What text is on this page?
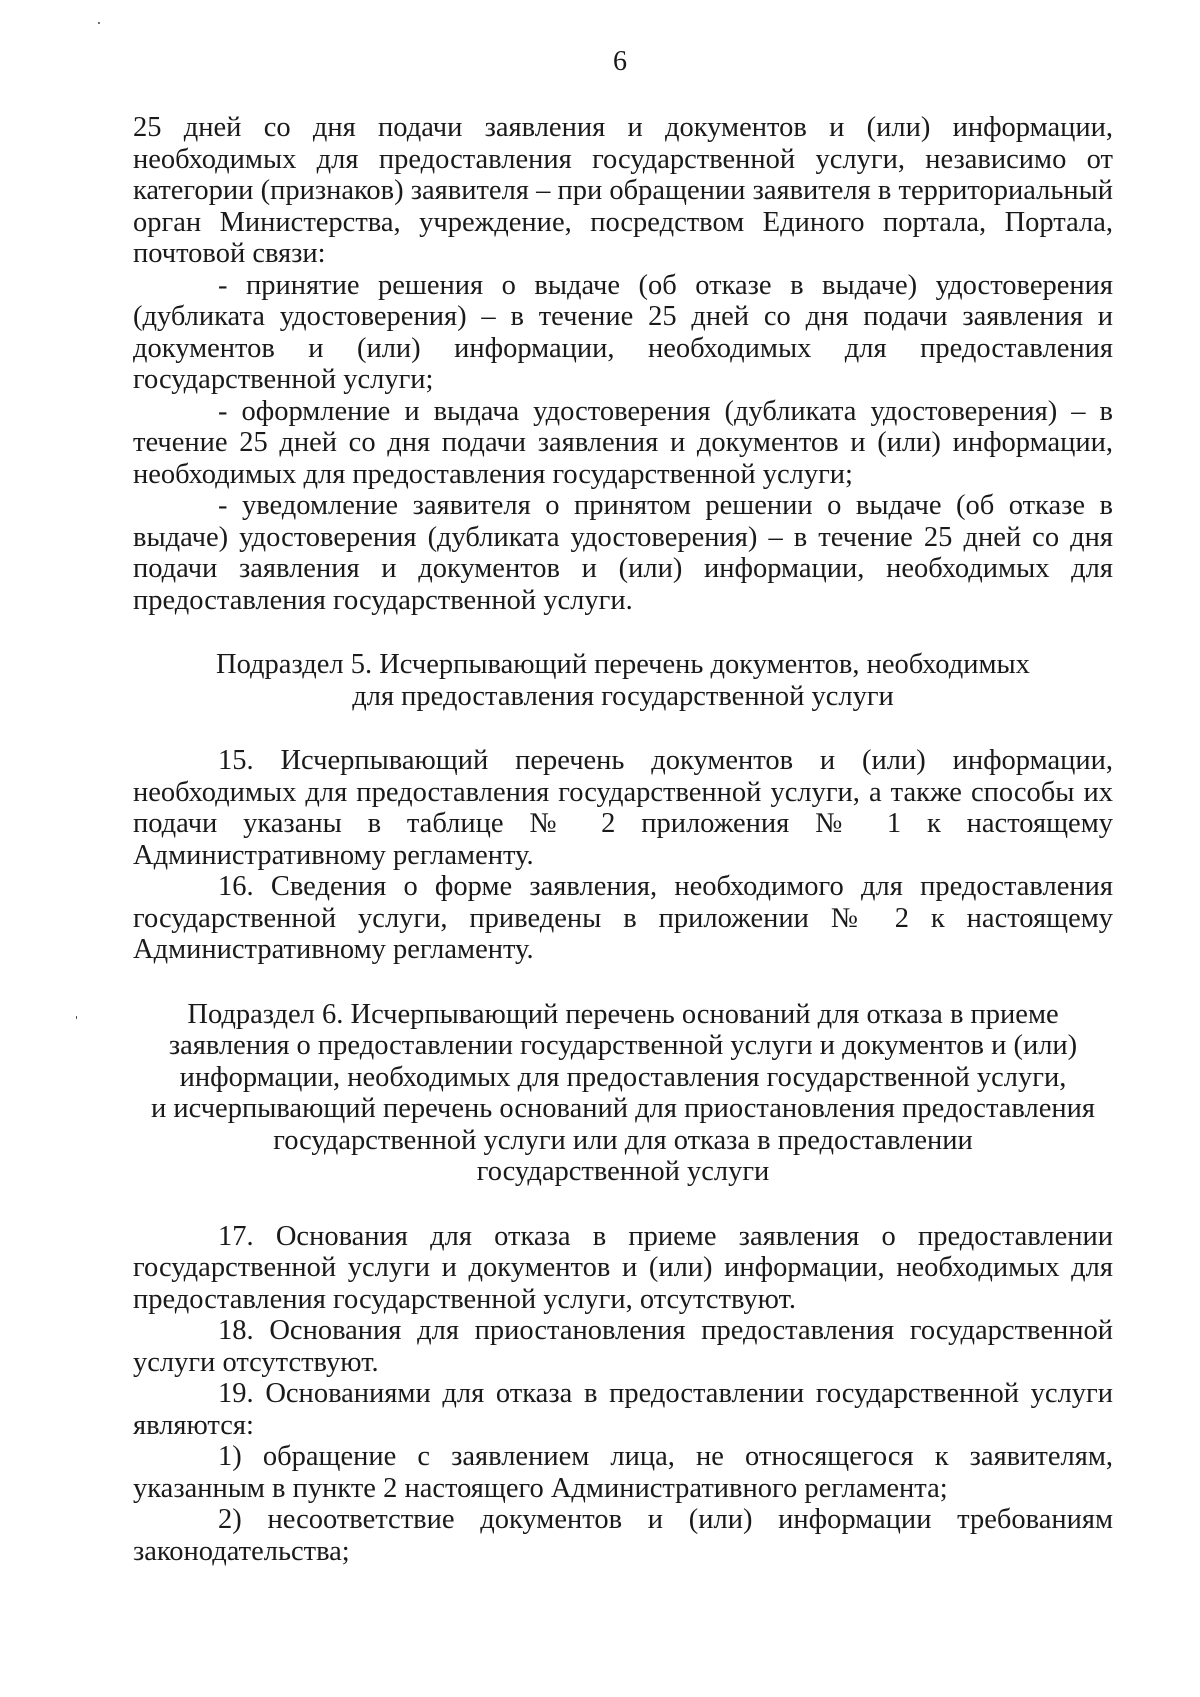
6

25 дней со дня подачи заявления и документов и (или) информации, необходимых для предоставления государственной услуги, независимо от категории (признаков) заявителя – при обращении заявителя в территориальный орган Министерства, учреждение, посредством Единого портала, Портала, почтовой связи:

- принятие решения о выдаче (об отказе в выдаче) удостоверения (дубликата удостоверения) – в течение 25 дней со дня подачи заявления и документов и (или) информации, необходимых для предоставления государственной услуги;

- оформление и выдача удостоверения (дубликата удостоверения) – в течение 25 дней со дня подачи заявления и документов и (или) информации, необходимых для предоставления государственной услуги;

- уведомление заявителя о принятом решении о выдаче (об отказе в выдаче) удостоверения (дубликата удостоверения) – в течение 25 дней со дня подачи заявления и документов и (или) информации, необходимых для предоставления государственной услуги.

Подраздел 5. Исчерпывающий перечень документов, необходимых
для предоставления государственной услуги

15. Исчерпывающий перечень документов и (или) информации, необходимых для предоставления государственной услуги, а также способы их подачи указаны в таблице № 2 приложения № 1 к настоящему Административному регламенту.

16. Сведения о форме заявления, необходимого для предоставления государственной услуги, приведены в приложении № 2 к настоящему Административному регламенту.

Подраздел 6. Исчерпывающий перечень оснований для отказа в приеме
заявления о предоставлении государственной услуги и документов и (или)
информации, необходимых для предоставления государственной услуги,
и исчерпывающий перечень оснований для приостановления предоставления
государственной услуги или для отказа в предоставлении
государственной услуги

17. Основания для отказа в приеме заявления о предоставлении государственной услуги и документов и (или) информации, необходимых для предоставления государственной услуги, отсутствуют.

18. Основания для приостановления предоставления государственной услуги отсутствуют.

19. Основаниями для отказа в предоставлении государственной услуги являются:

1) обращение с заявлением лица, не относящегося к заявителям, указанным в пункте 2 настоящего Административного регламента;

2) несоответствие документов и (или) информации требованиям законодательства;
